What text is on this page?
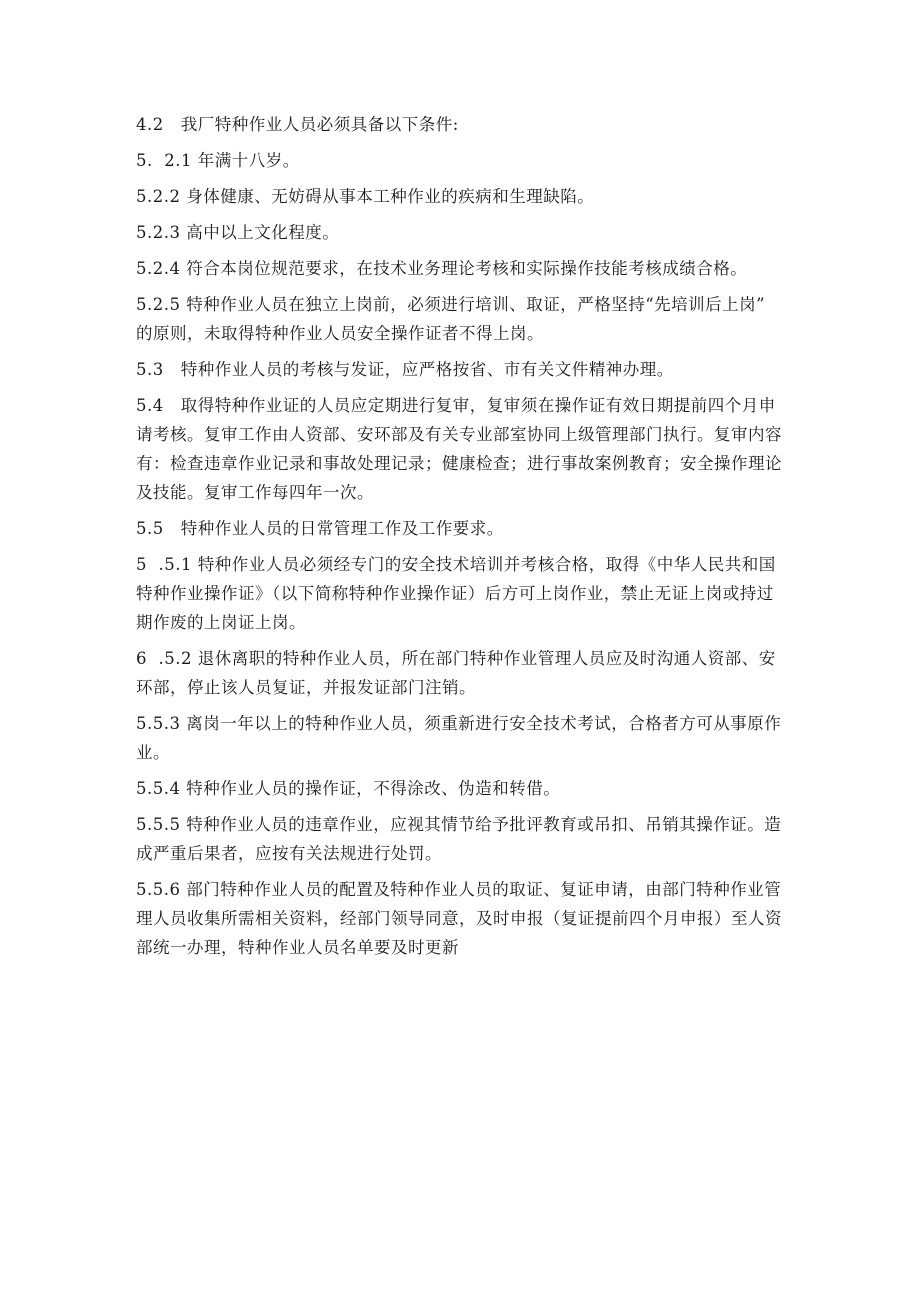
4.2　我厂特种作业人员必须具备以下条件:

5.  2.1 年满十八岁。

5.2.2 身体健康、无妨碍从事本工种作业的疾病和生理缺陷。

5.2.3 高中以上文化程度。

5.2.4 符合本岗位规范要求，在技术业务理论考核和实际操作技能考核成绩合格。

5.2.5 特种作业人员在独立上岗前，必须进行培训、取证，严格坚持“先培训后上岗”
的原则，未取得特种作业人员安全操作证者不得上岗。

5.3　特种作业人员的考核与发证，应严格按省、市有关文件精神办理。

5.4　取得特种作业证的人员应定期进行复审，复审须在操作证有效日期提前四个月申
请考核。复审工作由人资部、安环部及有关专业部室协同上级管理部门执行。复审内容
有：检查违章作业记录和事故处理记录；健康检查；进行事故案例教育；安全操作理论
及技能。复审工作每四年一次。

5.5　特种作业人员的日常管理工作及工作要求。

5  .5.1 特种作业人员必须经专门的安全技术培训并考核合格，取得《中华人民共和国
特种作业操作证》（以下简称特种作业操作证）后方可上岗作业，禁止无证上岗或持过
期作废的上岗证上岗。

6  .5.2 退休离职的特种作业人员，所在部门特种作业管理人员应及时沟通人资部、安
环部，停止该人员复证，并报发证部门注销。

5.5.3 离岗一年以上的特种作业人员，须重新进行安全技术考试，合格者方可从事原作
业。

5.5.4 特种作业人员的操作证，不得涂改、伪造和转借。

5.5.5 特种作业人员的违章作业，应视其情节给予批评教育或吊扣、吊销其操作证。造
成严重后果者，应按有关法规进行处罚。

5.5.6 部门特种作业人员的配置及特种作业人员的取证、复证申请，由部门特种作业管
理人员收集所需相关资料，经部门领导同意，及时申报（复证提前四个月申报）至人资
部统一办理，特种作业人员名单要及时更新
